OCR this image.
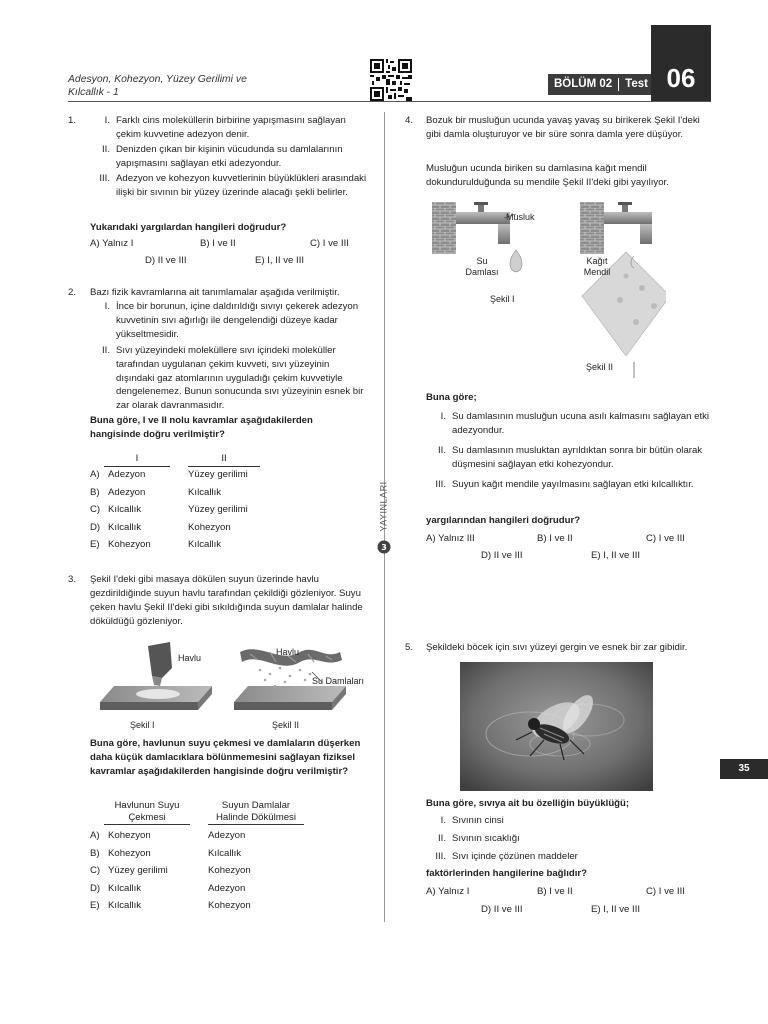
Adesyon, Kohezyon, Yüzey Gerilimi ve
Kılcallık - 1
BÖLÜM 02 Test 06
YAYINLARI
3
35
1.	I. Farklı cins moleküllerin birbirine yapışmasını sağlayan çekim kuvvetine adezyon denir.
II. Denizden çıkan bir kişinin vücudunda su damlalarının yapışmasını sağlayan etki adezyondur.
III. Adezyon ve kohezyon kuvvetlerinin büyüklükleri arasındaki ilişki bir sıvının bir yüzey üzerinde alacağı şekli belirler.
Yukarıdaki yargılardan hangileri doğrudur?
A) Yalnız I	B) I ve II	C) I ve III
D) II ve III	E) I, II ve III
2. Bazı fizik kavramlarına ait tanımlamalar aşağıda verilmiştir.
I. İnce bir borunun, içine daldırıldığı sıvıyı çekerek adezyon kuvvetinin sıvı ağırlığı ile dengelendiği düzeye kadar yükseltmesidir.
II. Sıvı yüzeyindeki moleküllere sıvı içindeki moleküller tarafından uygulanan çekim kuvveti, sıvı yüzeyinin dışındaki gaz atomlarının uyguladığı çekim kuvvetiyle dengelenemez. Bunun sonucunda sıvı yüzeyinin esnek bir zar olarak davranmasıdır.
Buna göre, I ve II nolu kavramlar aşağıdakilerden hangisinde doğru verilmiştir?
I	II
A) Adezyon	Yüzey gerilimi
B) Adezyon	Kılcallık
C) Kılcallık	Yüzey gerilimi
D) Kılcallık	Kohezyon
E) Kohezyon	Kılcallık
3. Şekil I'deki gibi masaya dökülen suyun üzerinde havlu gezdirildiğinde suyun havlu tarafından çekildiği gözleniyor. Suyu çeken havlu Şekil II'deki gibi sıkıldığında suyun damlalar halinde döküldüğü gözleniyor.
Havlu
Havlu
Su Damlaları
Şekil I	Şekil II
Buna göre, havlunun suyu çekmesi ve damlaların düşerken daha küçük damlacıklara bölünmemesini sağlayan fiziksel kavramlar aşağıdakilerden hangisinde doğru verilmiştir?
Havlunun Suyu
Çekmesi
Suyun Damlalar
Halinde Dökülmesi
A) Kohezyon	Adezyon
B) Kohezyon	Kılcallık
C) Yüzey gerilimi	Kohezyon
D) Kılcallık	Adezyon
E) Kılcallık	Kohezyon
4. Bozuk bir musluğun ucunda yavaş yavaş su birikerek Şekil I'deki gibi damla oluşturuyor ve bir süre sonra damla yere düşüyor.
Musluğun ucunda biriken su damlasına kağıt mendil dokundurulduğunda su mendile Şekil II'deki gibi yayılıyor.
Musluk
Su Damlası
Kağıt Mendil
Şekil I
Şekil II
Buna göre;
I. Su damlasının musluğun ucuna asılı kalmasını sağlayan etki adezyondur.
II. Su damlasının musluktan ayrıldıktan sonra bir bütün olarak düşmesini sağlayan etki kohezyondur.
III. Suyun kağıt mendile yayılmasını sağlayan etki kılcallıktır.
yargılarından hangileri doğrudur?
A) Yalnız III	B) I ve II	C) I ve III
D) II ve III	E) I, II ve III
5. Şekildeki böcek için sıvı yüzeyi gergin ve esnek bir zar gibidir.
Buna göre, sıvıya ait bu özelliğin büyüklüğü;
I. Sıvının cinsi
II. Sıvının sıcaklığı
III. Sıvı içinde çözünen maddeler
faktörlerinden hangilerine bağlıdır?
A) Yalnız I	B) I ve II	C) I ve III
D) II ve III	E) I, II ve III
